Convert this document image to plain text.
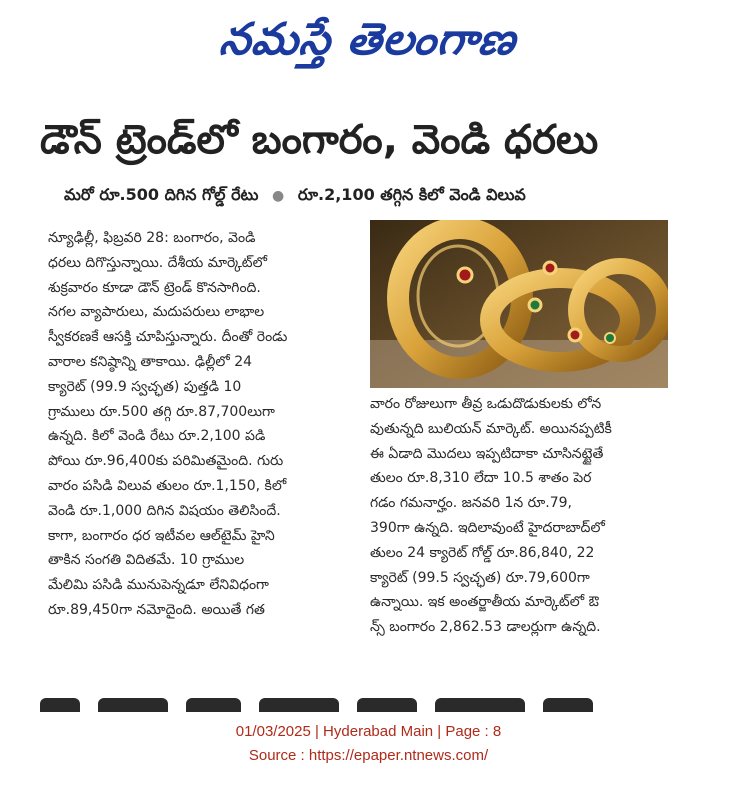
నమస్తే తెలంగాణ
డౌన్ ట్రెండ్‌లో బంగారం, వెండి ధరలు
మరో రూ.500 దిగిన గోల్డ్ రేటు ● రూ.2,100 తగ్గిన కిలో వెండి విలువ
న్యూఢిల్లీ, ఫిబ్రవరి 28: బంగారం, వెండి
ధరలు దిగొస్తున్నాయి. దేశీయ మార్కెట్‌లో
శుక్రవారం కూడా డౌన్ ట్రెండ్ కొనసాగింది.
నగల వ్యాపారులు, మదుపరులు లాభాల
స్వీకరణకే ఆసక్తి చూపిస్తున్నారు. దీంతో రెండు
వారాల కనిష్ఠాన్ని తాకాయి. ఢిల్లీలో 24
క్యారెట్ (99.9 స్వచ్ఛత) పుత్తడి 10
గ్రాములు రూ.500 తగ్గి రూ.87,700లుగా
ఉన్నది. కిలో వెండి రేటు రూ.2,100 పడి
పోయి రూ.96,400కు పరిమితమైంది. గురు
వారం పసిడి విలువ తులం రూ.1,150, కిలో
వెండి రూ.1,000 దిగిన విషయం తెలిసిందే.
కాగా, బంగారం ధర ఇటీవల ఆల్‌టైమ్ హైని
తాకిన సంగతి విదితమే. 10 గ్రాముల
మేలిమి పసిడి మునుపెన్నడూ లేనివిధంగా
రూ.89,450గా నమోదైంది. అయితే గత
వారం రోజులుగా తీవ్ర ఒడుదొడుకులకు లోన
వుతున్నది బులియన్ మార్కెట్. అయినప్పటికీ
ఈ ఏడాది మొదలు ఇప్పటిదాకా చూసినట్టైతే
తులం రూ.8,310 లేదా 10.5 శాతం పెర
గడం గమనార్హం. జనవరి 1న రూ.79,
390గా ఉన్నది. ఇదిలావుంటే హైదరాబాద్‌లో
తులం 24 క్యారెట్ గోల్డ్ రూ.86,840, 22
క్యారెట్ (99.5 స్వచ్ఛత) రూ.79,600గా
ఉన్నాయి. ఇక అంతర్జాతీయ మార్కెట్‌లో ఔ
న్స్ బంగారం 2,862.53 డాలర్లుగా ఉన్నది.
01/03/2025 | Hyderabad Main | Page : 8
Source : https://epaper.ntnews.com/
